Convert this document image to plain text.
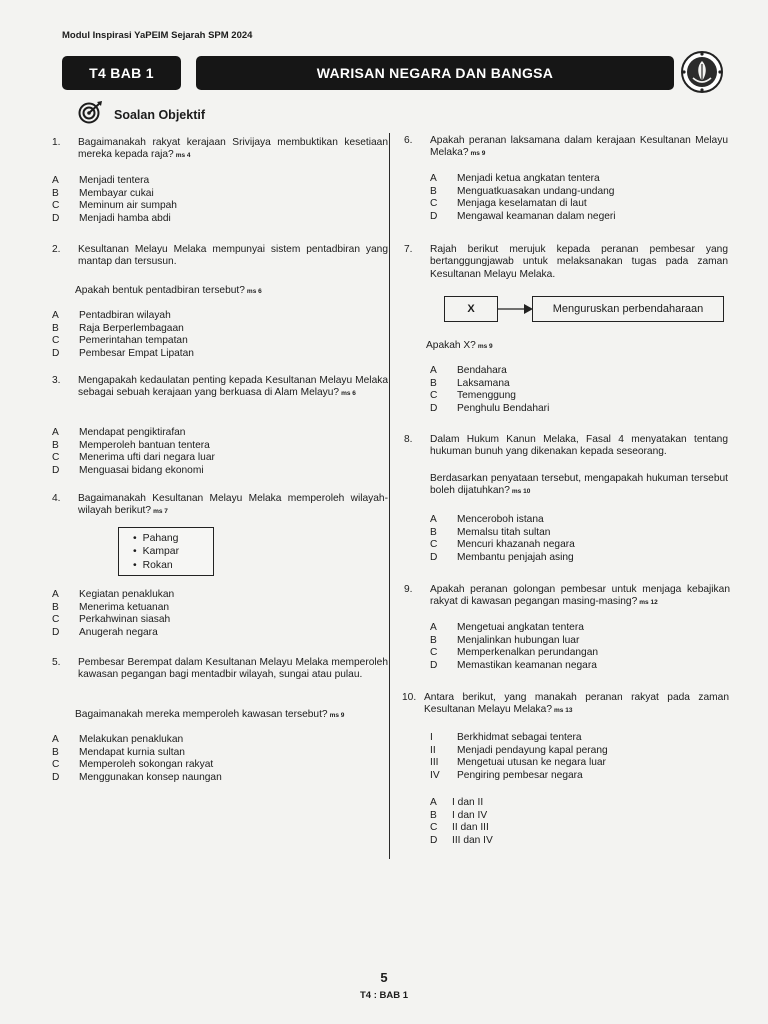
Modul Inspirasi YaPEIM Sejarah SPM 2024
T4 BAB 1	WARISAN NEGARA DAN BANGSA
Soalan Objektif
1. Bagaimanakah rakyat kerajaan Srivijaya membuktikan kesetiaan mereka kepada raja? ms 4
A	Menjadi tentera
B	Membayar cukai
C	Meminum air sumpah
D	Menjadi hamba abdi
2. Kesultanan Melayu Melaka mempunyai sistem pentadbiran yang mantap dan tersusun.
Apakah bentuk pentadbiran tersebut? ms 6
A	Pentadbiran wilayah
B	Raja Berperlembagaan
C	Pemerintahan tempatan
D	Pembesar Empat Lipatan
3. Mengapakah kedaulatan penting kepada Kesultanan Melayu Melaka sebagai sebuah kerajaan yang berkuasa di Alam Melayu? ms 6
A	Mendapat pengiktirafan
B	Memperoleh bantuan tentera
C	Menerima ufti dari negara luar
D	Menguasai bidang ekonomi
4. Bagaimanakah Kesultanan Melayu Melaka memperoleh wilayah-wilayah berikut? ms 7
• Pahang
• Kampar
• Rokan
A	Kegiatan penaklukan
B	Menerima ketuanan
C	Perkahwinan siasah
D	Anugerah negara
5. Pembesar Berempat dalam Kesultanan Melayu Melaka memperoleh kawasan pegangan bagi mentadbir wilayah, sungai atau pulau.
Bagaimanakah mereka memperoleh kawasan tersebut? ms 9
A	Melakukan penaklukan
B	Mendapat kurnia sultan
C	Memperoleh sokongan rakyat
D	Menggunakan konsep naungan
6. Apakah peranan laksamana dalam kerajaan Kesultanan Melayu Melaka? ms 9
A	Menjadi ketua angkatan tentera
B	Menguatkuasakan undang-undang
C	Menjaga keselamatan di laut
D	Mengawal keamanan dalam negeri
7. Rajah berikut merujuk kepada peranan pembesar yang bertanggungjawab untuk melaksanakan tugas pada zaman Kesultanan Melayu Melaka.
X	Menguruskan perbendaharaan
Apakah X? ms 9
A	Bendahara
B	Laksamana
C	Temenggung
D	Penghulu Bendahari
8. Dalam Hukum Kanun Melaka, Fasal 4 menyatakan tentang hukuman bunuh yang dikenakan kepada seseorang.
Berdasarkan penyataan tersebut, mengapakah hukuman tersebut boleh dijatuhkan? ms 10
A	Menceroboh istana
B	Memalsu titah sultan
C	Mencuri khazanah negara
D	Membantu penjajah asing
9. Apakah peranan golongan pembesar untuk menjaga kebajikan rakyat di kawasan pegangan masing-masing? ms 12
A	Mengetuai angkatan tentera
B	Menjalinkan hubungan luar
C	Memperkenalkan perundangan
D	Memastikan keamanan negara
10. Antara berikut, yang manakah peranan rakyat pada zaman Kesultanan Melayu Melaka? ms 13
I	Berkhidmat sebagai tentera
II	Menjadi pendayung kapal perang
III	Mengetuai utusan ke negara luar
IV	Pengiring pembesar negara
A	I dan II
B	I dan IV
C	II dan III
D	III dan IV
5
T4 : BAB 1
